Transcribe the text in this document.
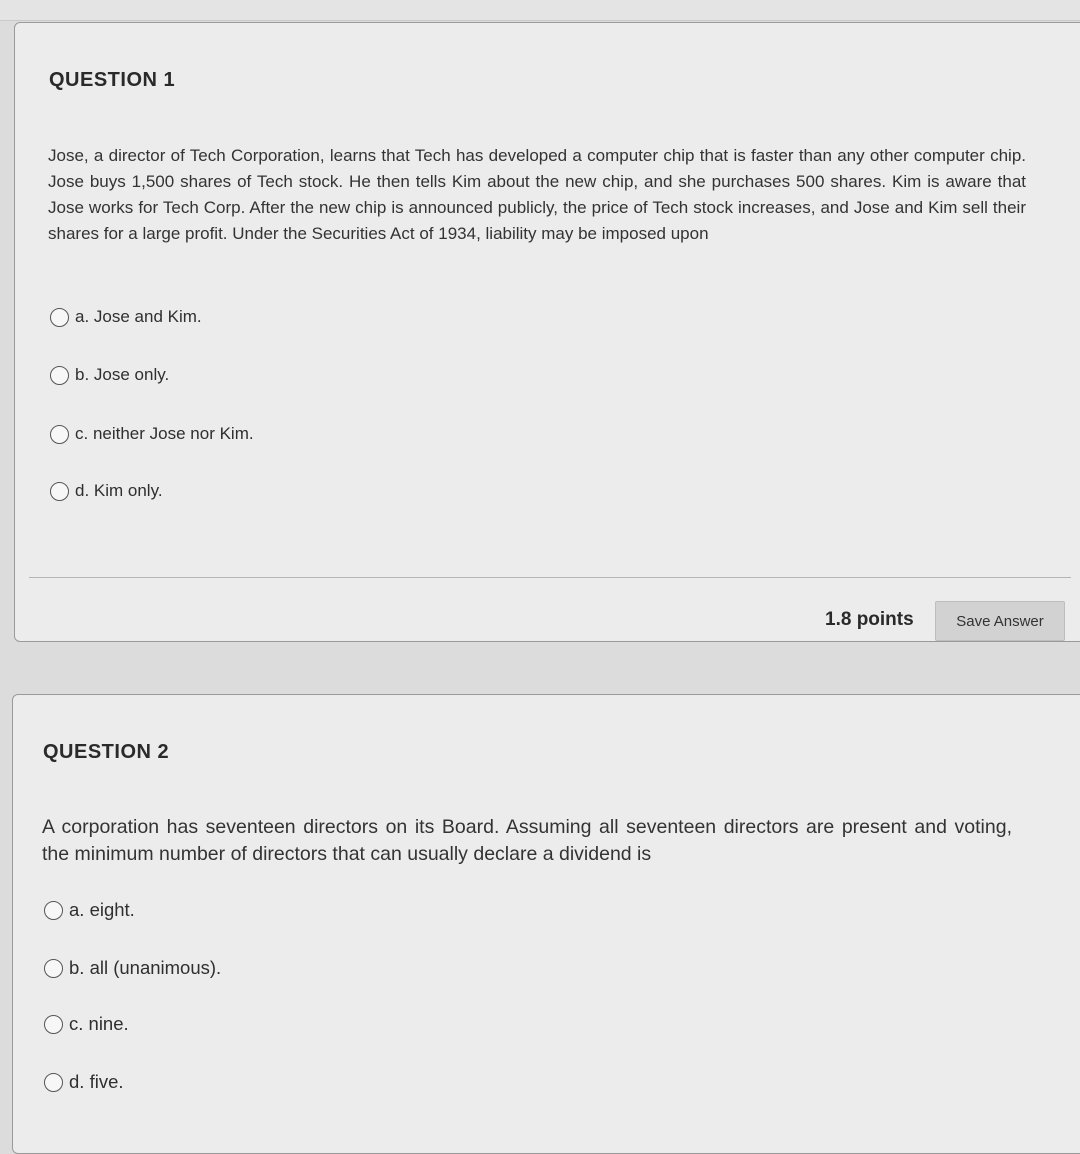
QUESTION 1
Jose, a director of Tech Corporation, learns that Tech has developed a computer chip that is faster than any other computer chip. Jose buys 1,500 shares of Tech stock. He then tells Kim about the new chip, and she purchases 500 shares. Kim is aware that Jose works for Tech Corp. After the new chip is announced publicly, the price of Tech stock increases, and Jose and Kim sell their shares for a large profit. Under the Securities Act of 1934, liability may be imposed upon
a. Jose and Kim.
b. Jose only.
c. neither Jose nor Kim.
d. Kim only.
1.8 points	Save Answer
QUESTION 2
A corporation has seventeen directors on its Board. Assuming all seventeen directors are present and voting, the minimum number of directors that can usually declare a dividend is
a. eight.
b. all (unanimous).
c. nine.
d. five.
